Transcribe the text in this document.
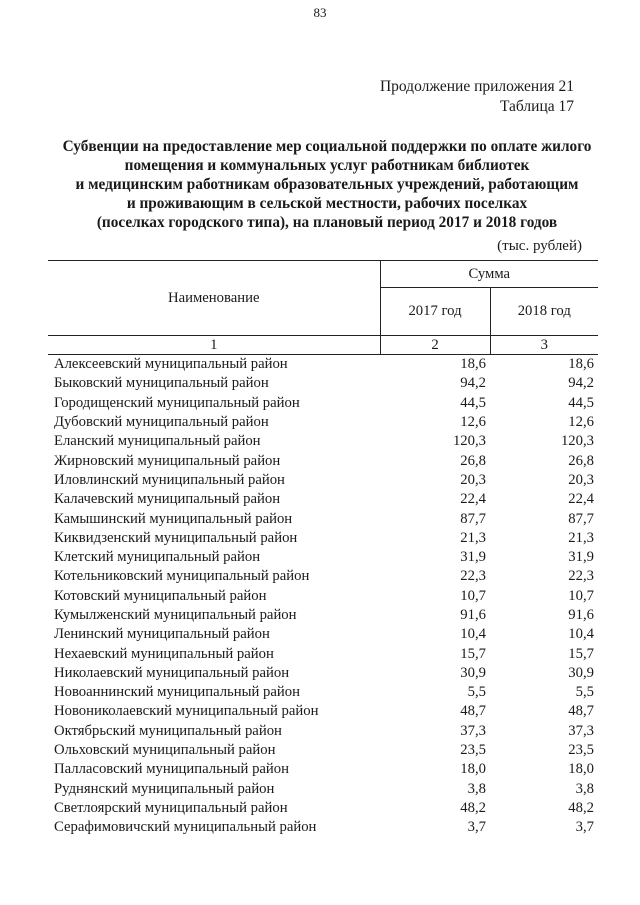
83
Продолжение приложения 21
Таблица 17
Субвенции на предоставление мер социальной поддержки по оплате жилого
помещения и коммунальных услуг работникам библиотек
и медицинским работникам образовательных учреждений, работающим
и проживающим в сельской местности, рабочих поселках
(поселках городского типа), на плановый период 2017 и 2018 годов
(тыс. рублей)
Наименование	Сумма	
	2017 год	2018 год
1	2	3
Алексеевский муниципальный район	18,6	18,6
Быковский муниципальный район	94,2	94,2
Городищенский муниципальный район	44,5	44,5
Дубовский муниципальный район	12,6	12,6
Еланский муниципальный район	120,3	120,3
Жирновский муниципальный район	26,8	26,8
Иловлинский муниципальный район	20,3	20,3
Калачевский муниципальный район	22,4	22,4
Камышинский муниципальный район	87,7	87,7
Киквидзенский муниципальный район	21,3	21,3
Клетский муниципальный район	31,9	31,9
Котельниковский муниципальный район	22,3	22,3
Котовский муниципальный район	10,7	10,7
Кумылженский муниципальный район	91,6	91,6
Ленинский муниципальный район	10,4	10,4
Нехаевский муниципальный район	15,7	15,7
Николаевский муниципальный район	30,9	30,9
Новоаннинский муниципальный район	5,5	5,5
Новониколаевский муниципальный район	48,7	48,7
Октябрьский муниципальный район	37,3	37,3
Ольховский муниципальный район	23,5	23,5
Палласовский муниципальный район	18,0	18,0
Руднянский муниципальный район	3,8	3,8
Светлоярский муниципальный район	48,2	48,2
Серафимовичский муниципальный район	3,7	3,7
